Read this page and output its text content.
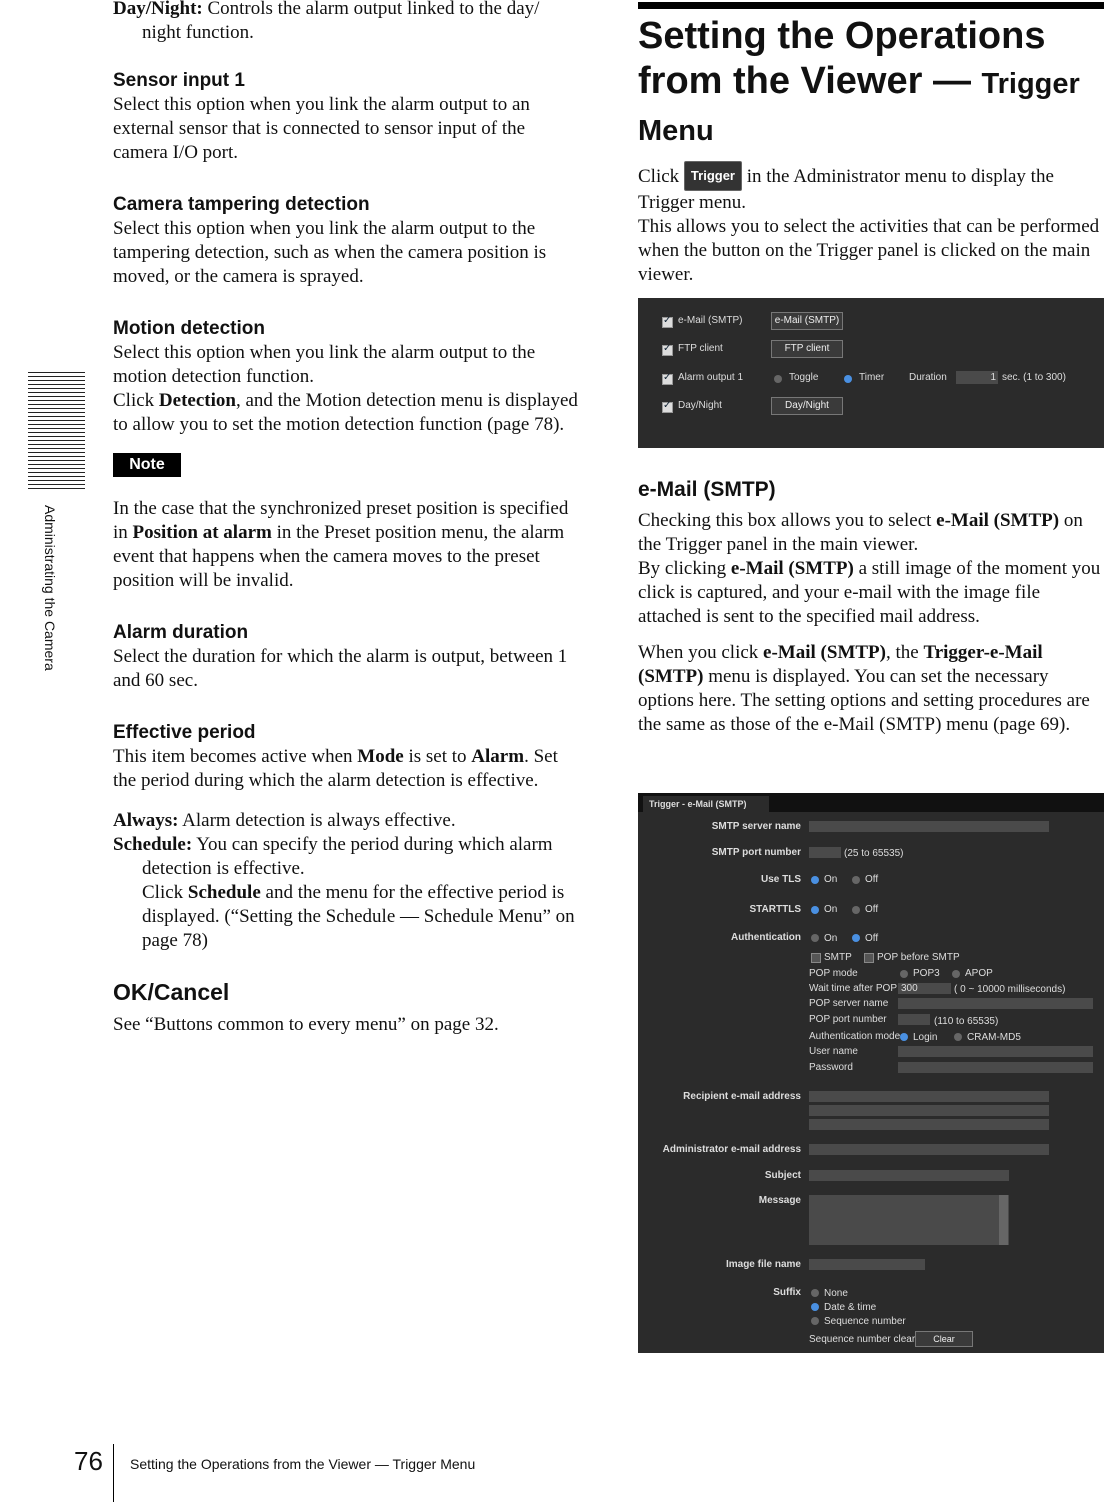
Administrating the Camera

Day/Night: Controls the alarm output linked to the day/ night function.

Sensor input 1

Select this option when you link the alarm output to an external sensor that is connected to sensor input of the camera I/O port.

Camera tampering detection

Select this option when you link the alarm output to the tampering detection, such as when the camera position is moved, or the camera is sprayed.

Motion detection

Select this option when you link the alarm output to the motion detection function.

Click Detection, and the Motion detection menu is displayed to allow you to set the motion detection function (page 78).

Note

In the case that the synchronized preset position is specified in Position at alarm in the Preset position menu, the alarm event that happens when the camera moves to the preset position will be invalid.

Alarm duration

Select the duration for which the alarm is output, between 1 and 60 sec.

Effective period

This item becomes active when Mode is set to Alarm. Set the period during which the alarm detection is effective.

Always: Alarm detection is always effective.

Schedule: You can specify the period during which alarm detection is effective.

Click Schedule and the menu for the effective period is displayed. (“Setting the Schedule — Schedule Menu” on page 78)

OK/Cancel

See “Buttons common to every menu” on page 32.

Setting the Operations from the Viewer — Trigger
Menu

Click Trigger in the Administrator menu to display the Trigger menu.

This allows you to select the activities that can be performed when the button on the Trigger panel is clicked on the main viewer.

✓
e-Mail (SMTP)	e-Mail (SMTP)
✓
FTP client	FTP client
✓
Alarm output 1	Toggle	Timer Duration	1 sec. (1 to 300)
✓
Day/Night	Day/Night
e-Mail (SMTP)

Checking this box allows you to select e-Mail (SMTP) on the Trigger panel in the main viewer.

By clicking e-Mail (SMTP) a still image of the moment you click is captured, and your e-mail with the image file attached is sent to the specified mail address.

When you click e-Mail (SMTP), the Trigger-e-Mail (SMTP) menu is displayed. You can set the necessary options here. The setting options and setting procedures are the same as those of the e-Mail (SMTP) menu (page 69).

Trigger - e-Mail (SMTP)
SMTP server name
SMTP port number	(25 to 65535)
Use TLS On	Off
STARTTLS On	Off
Authentication On	Off
SMTP	POP before SMTP
POP mode	POP3	APOP
Wait time after POP 300	( 0 ~ 10000 milliseconds)
POP server name
POP port number	(110 to 65535)
Authentication mode Login	CRAM-MD5
User name
Password
Recipient e-mail address
Administrator e-mail address
Subject
Message
Image file name
Suffix None
Date & time
Sequence number
Sequence number clear	Clear
76 Setting the Operations from the Viewer — Trigger Menu
